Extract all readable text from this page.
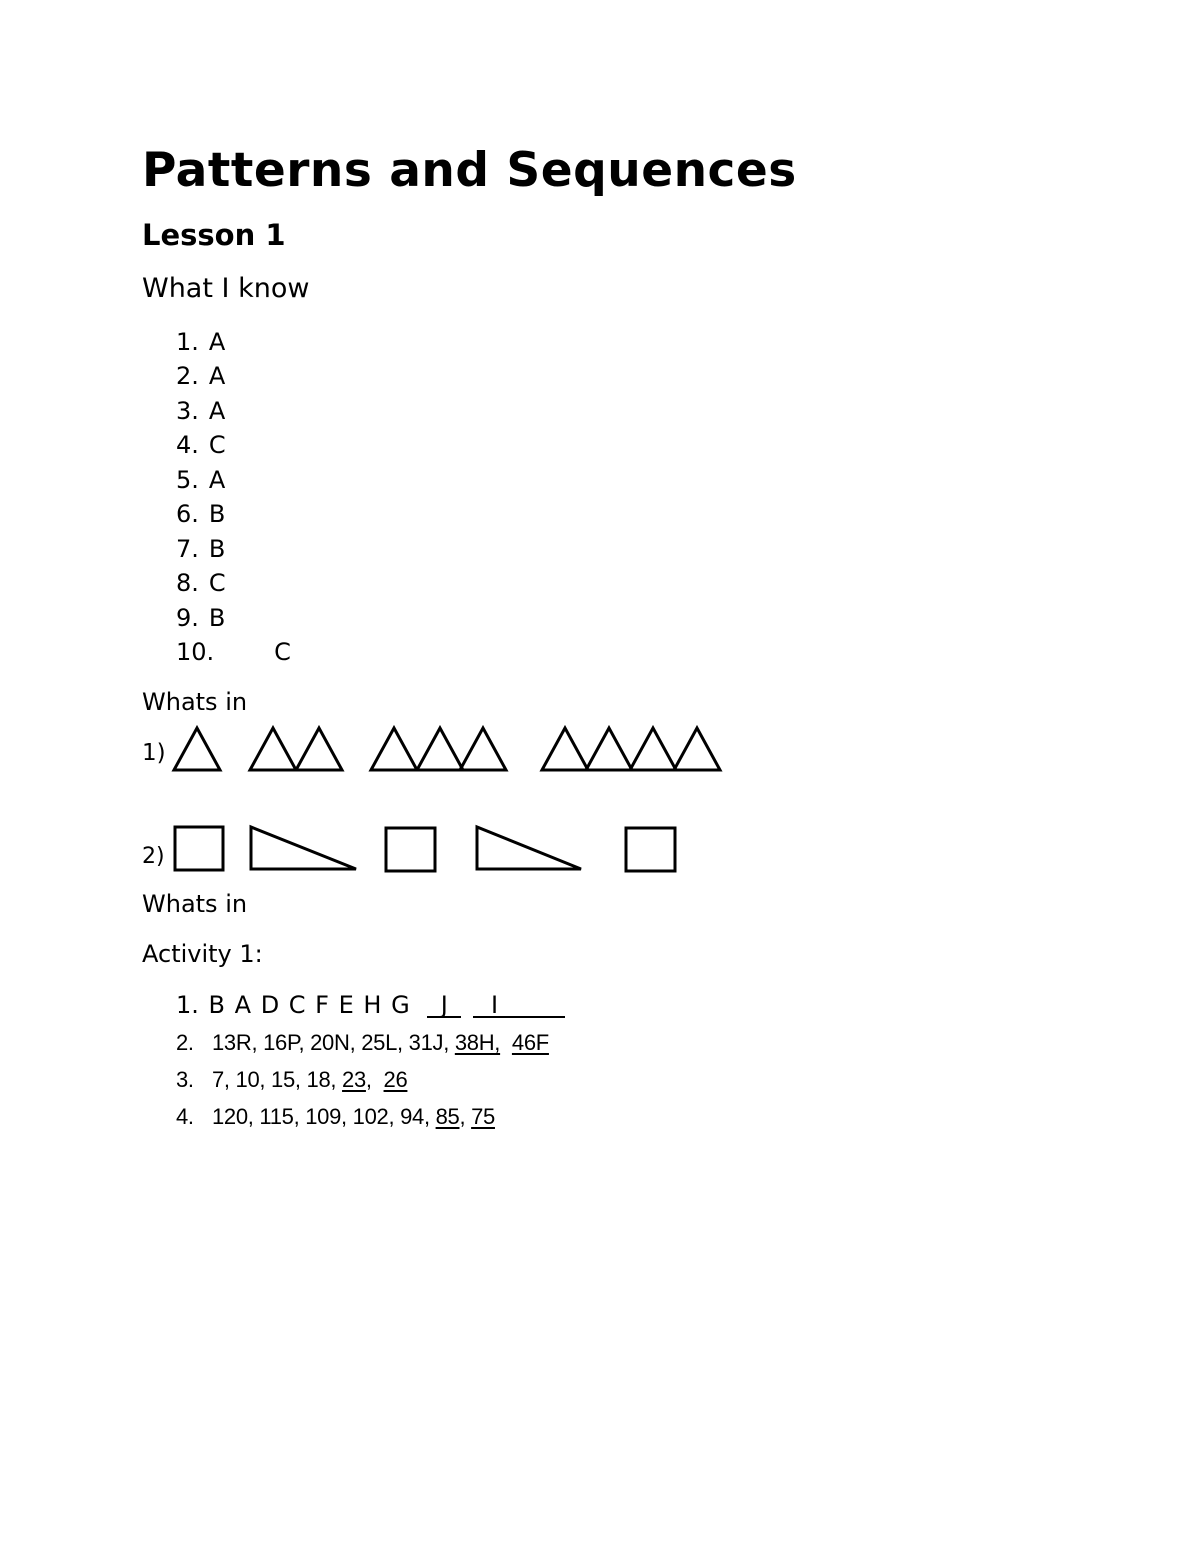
Patterns and Sequences
Lesson 1
What I know
1. A
2. A
3. A
4. C
5. A
6. B
7. B
8. C
9. B
10.	C
Whats in
1)
2)
Whats in
Activity 1:
1. B A D C F E H G J I
2. 13R, 16P, 20N, 25L, 31J, 38H, 46F
3. 7, 10, 15, 18, 23, 26
4. 120, 115, 109, 102, 94, 85, 75
